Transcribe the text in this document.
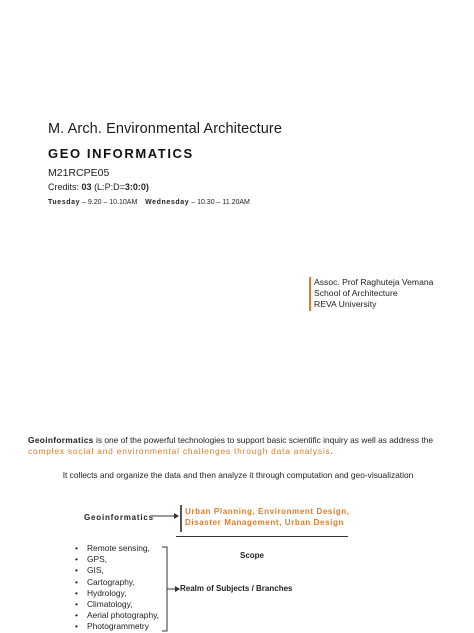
M. Arch. Environmental Architecture
GEO INFORMATICS
M21RCPE05
Credits: 03 (L:P:D=3:0:0)
Tuesday – 9.20 – 10.10AM Wednesday – 10.30 – 11.20AM
Assoc. Prof Raghuteja Vemana
School of Architecture
REVA University
Geoinformatics is one of the powerful technologies to support basic scientific inquiry as well as address the complex social and environmental challenges through data analysis.
It collects and organize the data and then analyze it through computation and geo-visualization
Geoinformatics
Urban Planning, Environment Design,
Disaster Management, Urban Design
Scope
• Remote sensing,
• GPS,
• GIS,
• Cartography,
• Hydrology,
• Climatology,
• Aerial photography,
• Photogrammetry
Realm of Subjects / Branches
